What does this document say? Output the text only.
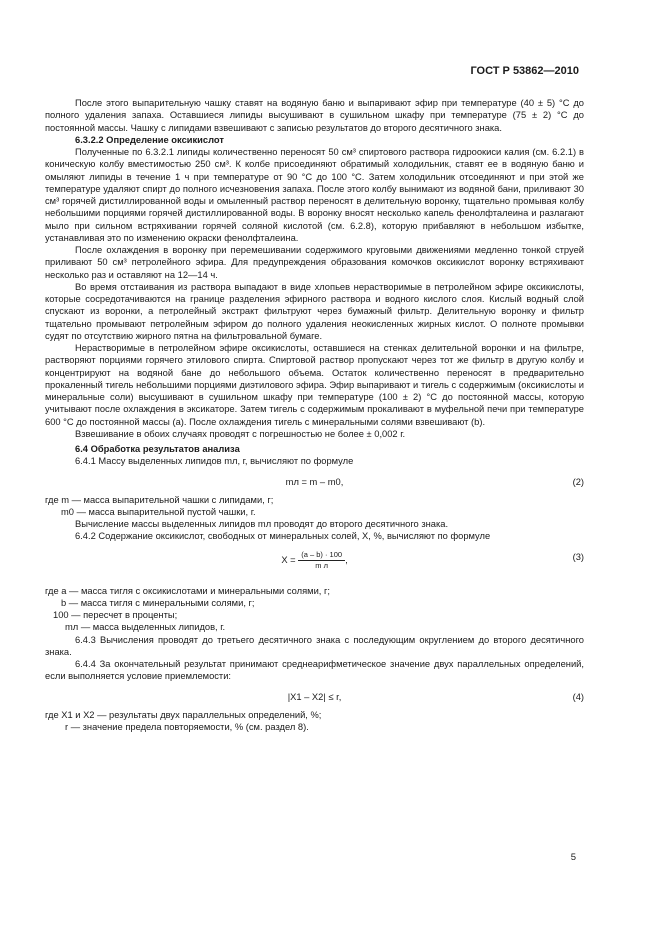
ГОСТ Р 53862—2010

После этого выпарительную чашку ставят на водяную баню и выпаривают эфир при температуре (40 ± 5) °С до полного удаления запаха. Оставшиеся липиды высушивают в сушильном шкафу при температуре (75 ± 2) °С до постоянной массы. Чашку с липидами взвешивают с записью результатов до второго десятичного знака.

6.3.2.2 Определение оксикислот

Полученные по 6.3.2.1 липиды количественно переносят 50 см³ спиртового раствора гидроокиси калия (см. 6.2.1) в коническую колбу вместимостью 250 см³. К колбе присоединяют обратимый холодильник, ставят ее в водяную баню и омыляют липиды в течение 1 ч при температуре от 90 °С до 100 °С. Затем холодильник отсоединяют и при этой же температуре удаляют спирт до полного исчезновения запаха. После этого колбу вынимают из водяной бани, приливают 30 см³ горячей дистиллированной воды и омыленный раствор переносят в делительную воронку, тщательно промывая колбу небольшими порциями горячей дистиллированной воды. В воронку вносят несколько капель фенолфталеина и разлагают мыло при сильном встряхивании горячей соляной кислотой (см. 6.2.8), которую прибавляют в небольшом избытке, устанавливая это по изменению окраски фенолфталеина.

После охлаждения в воронку при перемешивании содержимого круговыми движениями медленно тонкой струей приливают 50 см³ петролейного эфира. Для предупреждения образования комочков оксикислот воронку встряхивают несколько раз и оставляют на 12—14 ч.

Во время отстаивания из раствора выпадают в виде хлопьев нерастворимые в петролейном эфире оксикислоты, которые сосредотачиваются на границе разделения эфирного раствора и водного кислого слоя. Кислый водный слой спускают из воронки, а петролейный экстракт фильтруют через бумажный фильтр. Делительную воронку и фильтр тщательно промывают петролейным эфиром до полного удаления неокисленных жирных кислот. О полноте промывки судят по отсутствию жирного пятна на фильтровальной бумаге.

Нерастворимые в петролейном эфире оксикислоты, оставшиеся на стенках делительной воронки и на фильтре, растворяют порциями горячего этилового спирта. Спиртовой раствор пропускают через тот же фильтр в другую колбу и концентрируют на водяной бане до небольшого объема. Остаток количественно переносят в предварительно прокаленный тигель небольшими порциями диэтилового эфира. Эфир выпаривают и тигель с содержимым (оксикислоты и минеральные соли) высушивают в сушильном шкафу при температуре (100 ± 2) °С до постоянной массы, которую учитывают после охлаждения в эксикаторе. Затем тигель с содержимым прокаливают в муфельной печи при температуре 600 °С до постоянной массы (a). После охлаждения тигель с минеральными солями взвешивают (b).

Взвешивание в обоих случаях проводят с погрешностью не более ± 0,002 г.

6.4 Обработка результатов анализа

6.4.1 Массу выделенных липидов mл, г, вычисляют по формуле

mл = m – m0,	(2)
где m — масса выпарительной чашки с липидами, г;
m0 — масса выпарительной пустой чашки, г.

Вычисление массы выделенных липидов mл проводят до второго десятичного знака.

6.4.2 Содержание оксикислот, свободных от минеральных солей, X, %, вычисляют по формуле

$X = \frac{(a - b) \cdot 100}{\text{m л}}$ ,	(3)
где a — масса тигля с оксикислотами и минеральными солями, г;
b — масса тигля с минеральными солями, г;
100 — пересчет в проценты;
mл — масса выделенных липидов, г.

6.4.3 Вычисления проводят до третьего десятичного знака с последующим округлением до второго десятичного знака.

6.4.4 За окончательный результат принимают среднеарифметическое значение двух параллельных определений, если выполняется условие приемлемости:

|X1 – X2| ≤ r,	(4)
где X1 и X2 — результаты двух параллельных определений, %;
r — значение предела повторяемости, % (см. раздел 8).
5
